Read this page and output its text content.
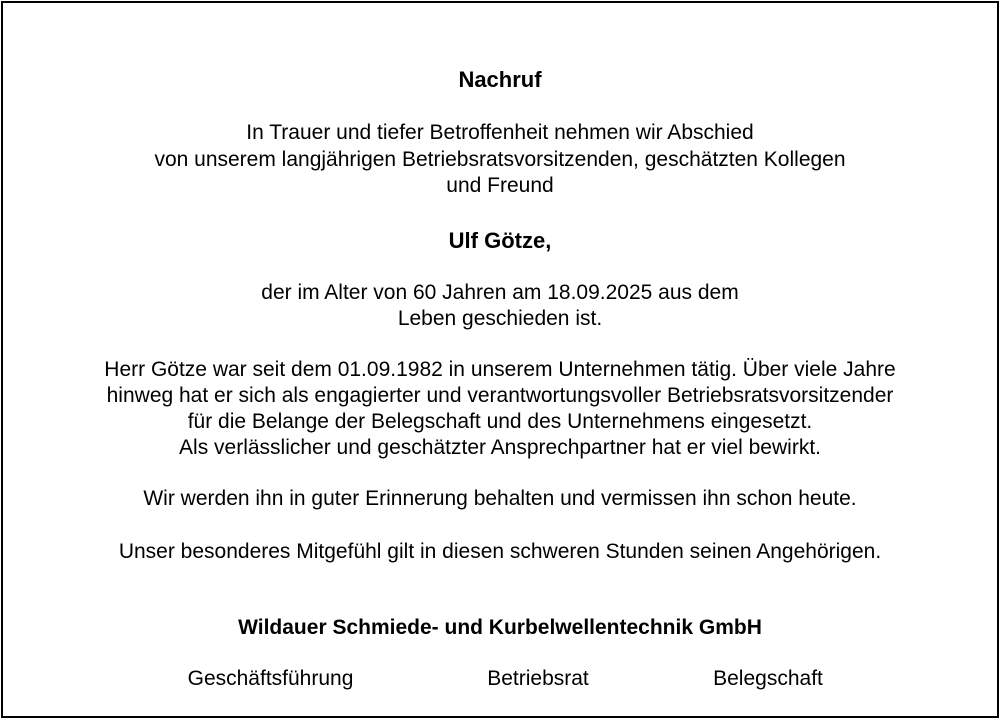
Nachruf
In Trauer und tiefer Betroffenheit nehmen wir Abschied
von unserem langjährigen Betriebsratsvorsitzenden, geschätzten Kollegen
und Freund
Ulf Götze,
der im Alter von 60 Jahren am 18.09.2025 aus dem
Leben geschieden ist.
Herr Götze war seit dem 01.09.1982 in unserem Unternehmen tätig. Über viele Jahre
hinweg hat er sich als engagierter und verantwortungsvoller Betriebsratsvorsitzender
für die Belange der Belegschaft und des Unternehmens eingesetzt.
Als verlässlicher und geschätzter Ansprechpartner hat er viel bewirkt.
Wir werden ihn in guter Erinnerung behalten und vermissen ihn schon heute.
Unser besonderes Mitgefühl gilt in diesen schweren Stunden seinen Angehörigen.
Wildauer Schmiede- und Kurbelwellentechnik GmbH
Geschäftsführung	Betriebsrat	Belegschaft
